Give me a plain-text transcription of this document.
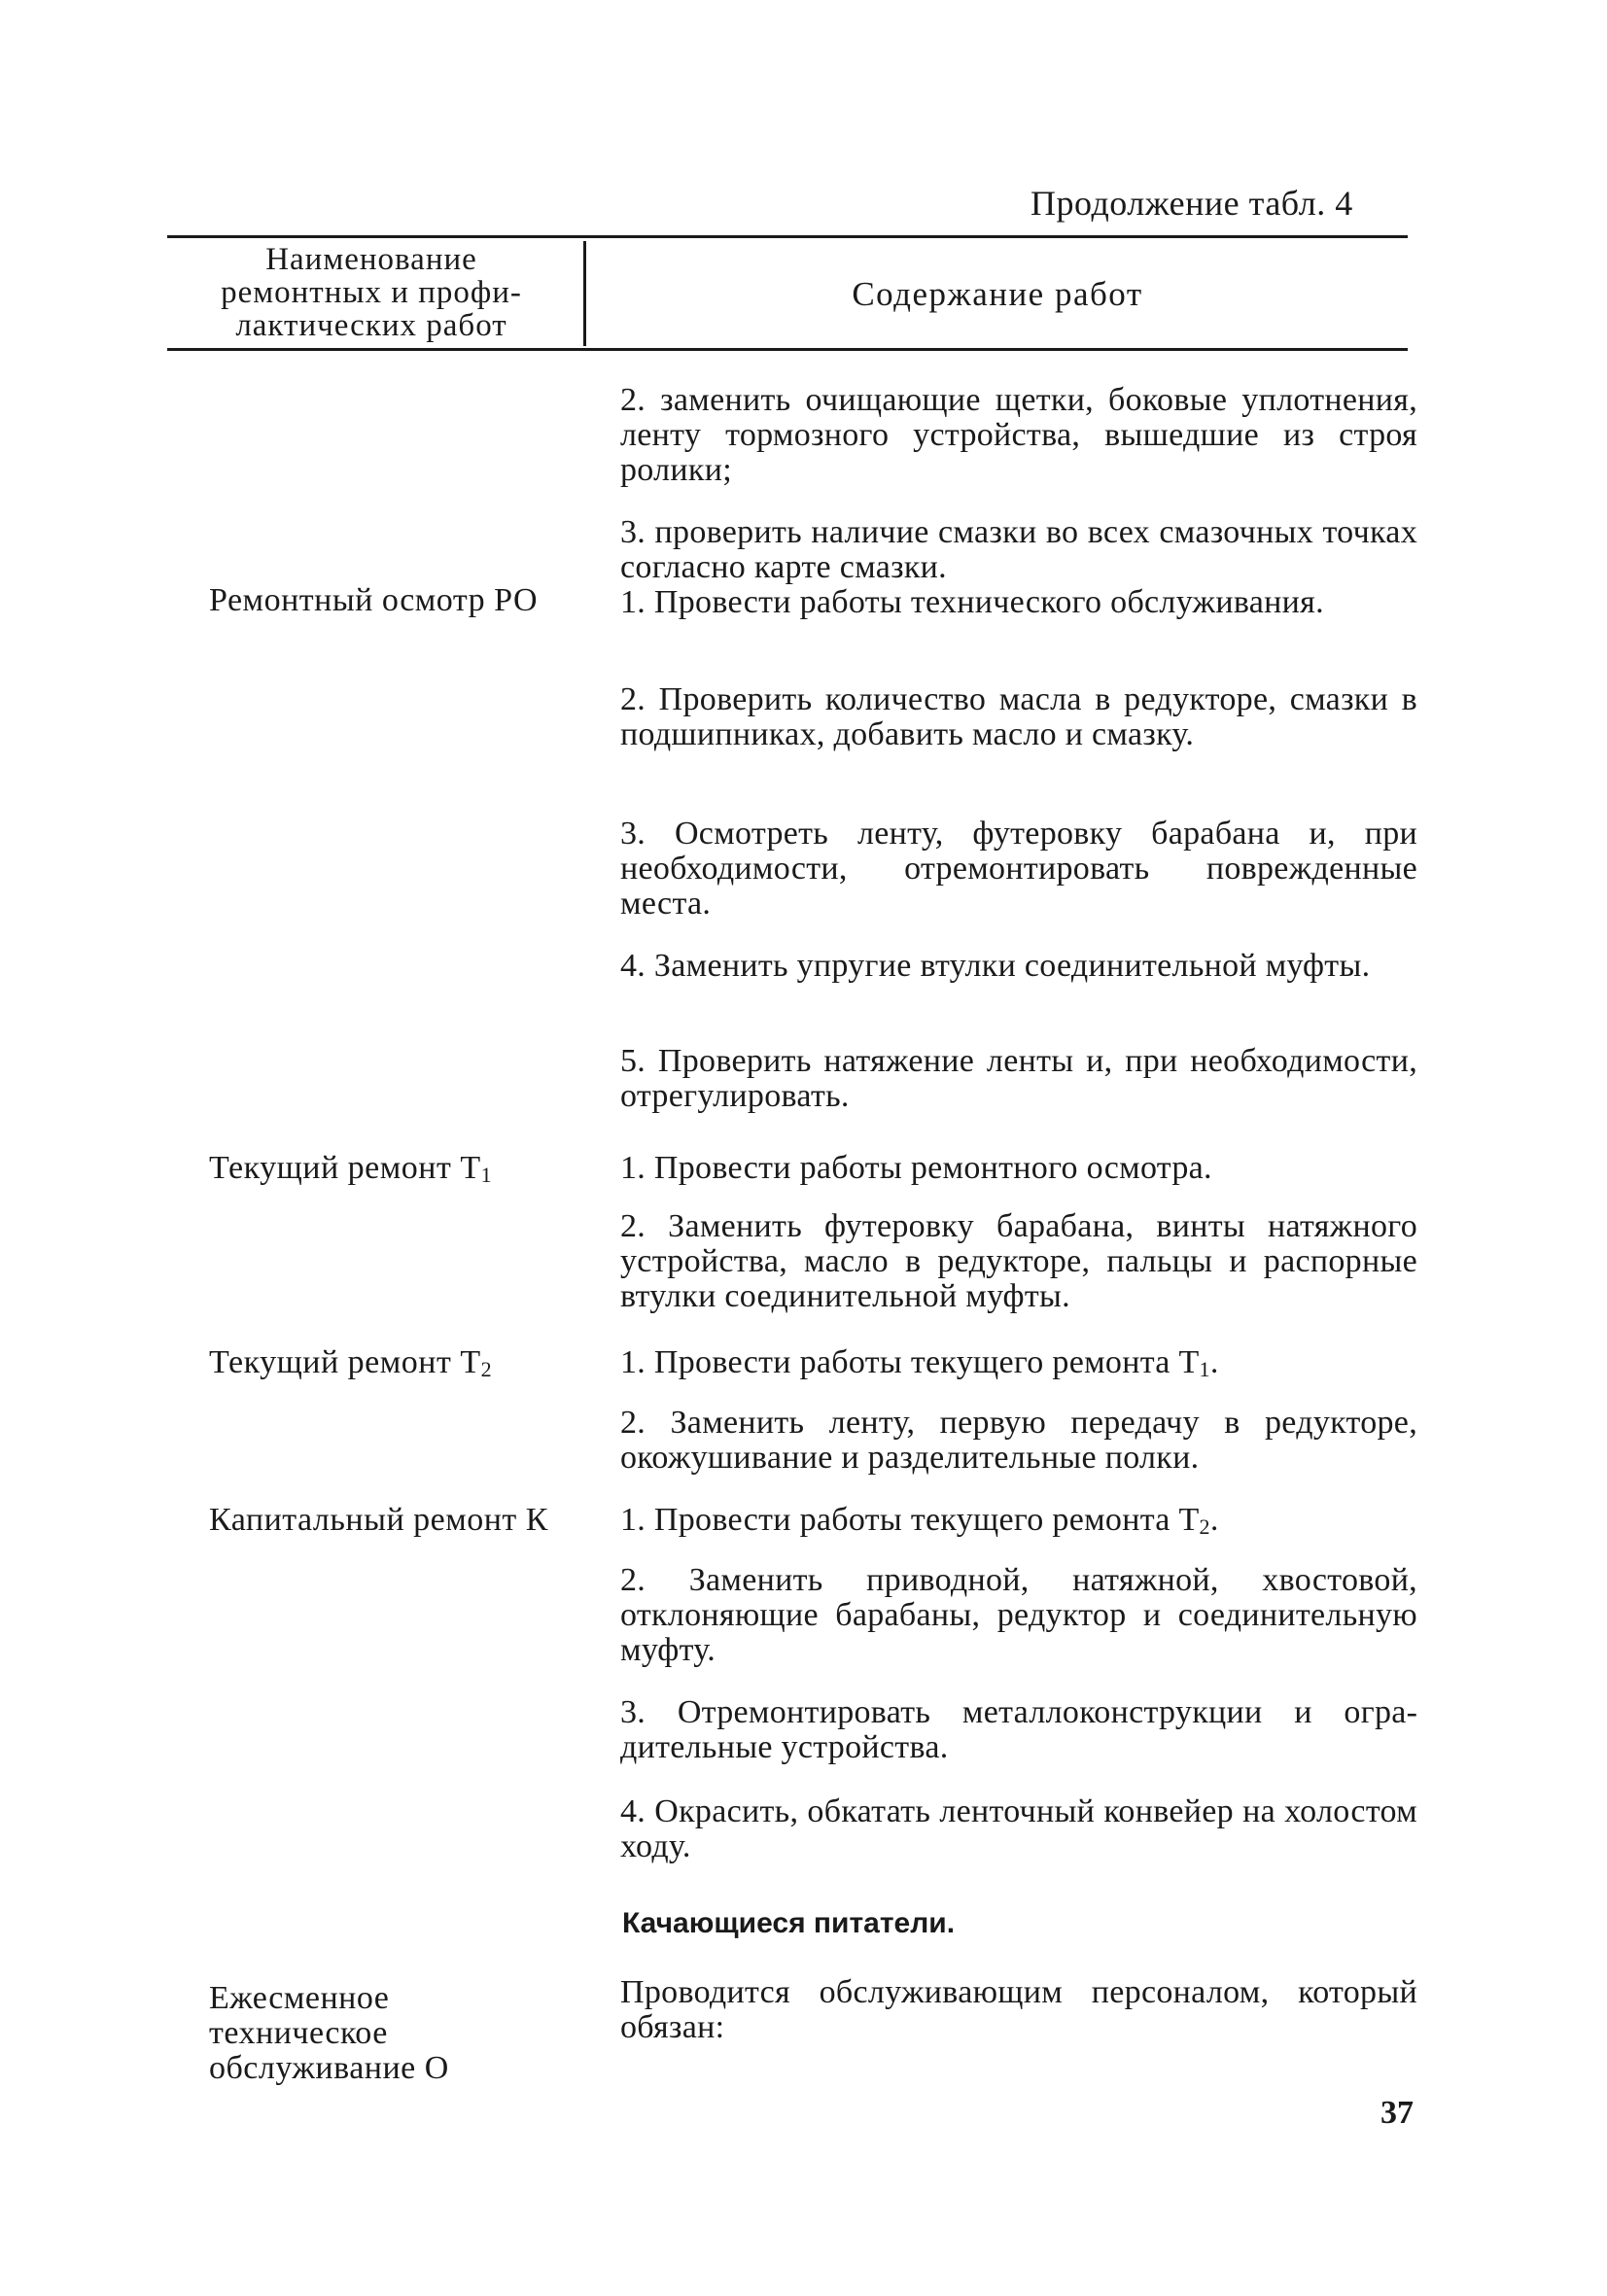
Продолжение табл. 4
Наименование
ремонтных и профи-
лактических работ
Содержание работ
2. заменить очищающие щетки, боковые уплотнения, ленту тормозного устройства, вышедшие из строя ролики;
3. проверить наличие смазки во всех смазочных точках согласно карте смазки.
Ремонтный осмотр РО 1. Провести работы технического обслуживания.
2. Проверить количество масла в редукторе, смазки в подшипниках, добавить масло и смазку.
3. Осмотреть ленту, футеровку барабана и, при необходимости, отремонтировать поврежденные места.
4. Заменить упругие втулки соединительной муфты.
5. Проверить натяжение ленты и, при необходимости, отрегулировать.
Текущий ремонт $Т_1$	1. Провести работы ремонтного осмотра.
2. Заменить футеровку барабана, винты натяжного устройства, масло в редукторе, пальцы и распорные втулки соединительной муфты.
Текущий ремонт $Т_2$	1. Провести работы текущего ремонта $Т_1$.
2. Заменить ленту, первую передачу в редукторе, окожушивание и разделительные полки.
Капитальный ремонт К 1. Провести работы текущего ремонта $Т_2$.
2. Заменить приводной, натяжной, хвостовой, отклоняющие барабаны, редуктор и соединительную муфту.
3. Отремонтировать металлоконструкции и оградительные устройства.
4. Окрасить, обкатать ленточный конвейер на холостом ходу.
Качающиеся питатели.
Ежесменное
техническое
обслуживание О
Проводится обслуживающим персоналом, который обязан:
37
